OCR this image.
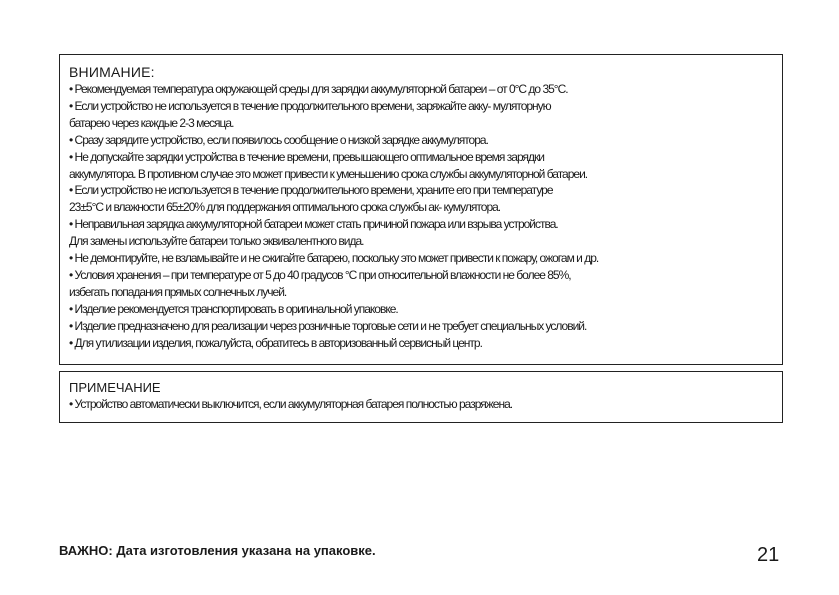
ВНИМАНИЕ:
• Рекомендуемая температура окружающей среды для зарядки аккумуляторной батареи – от 0°C до 35°C.
• Если устройство не используется в течение продолжительного времени, заряжайте акку- муляторную
батарею через каждые 2-3 месяца.
• Сразу зарядите устройство, если появилось сообщение о низкой зарядке аккумулятора.
• Не допускайте зарядки устройства в течение времени, превышающего оптимальное время зарядки
аккумулятора. В противном случае это может привести к уменьшению срока службы аккумуляторной батареи.
• Если устройство не используется в течение продолжительного времени, храните его при температуре
23±5°C и влажности 65±20% для поддержания оптимального срока службы ак- кумулятора.
• Неправильная зарядка аккумуляторной батареи может стать причиной пожара или взрыва устройства.
Для замены используйте батареи только эквивалентного вида.
• Не демонтируйте, не взламывайте и не сжигайте батарею, поскольку это может привести к пожару, ожогам и др.
• Условия хранения – при температуре от 5 до 40 градусов °С при относительной влажности не более 85%,
избегать попадания прямых солнечных лучей.
• Изделие рекомендуется транспортировать в оригинальной упаковке.
• Изделие предназначено для реализации через розничные торговые сети и не требует специальных условий.
• Для утилизации изделия, пожалуйста, обратитесь в авторизованный сервисный центр.
ПРИМЕЧАНИЕ
• Устройство автоматически выключится, если аккумуляторная батарея полностью разряжена.
ВАЖНО: Дата изготовления указана на упаковке.	21
